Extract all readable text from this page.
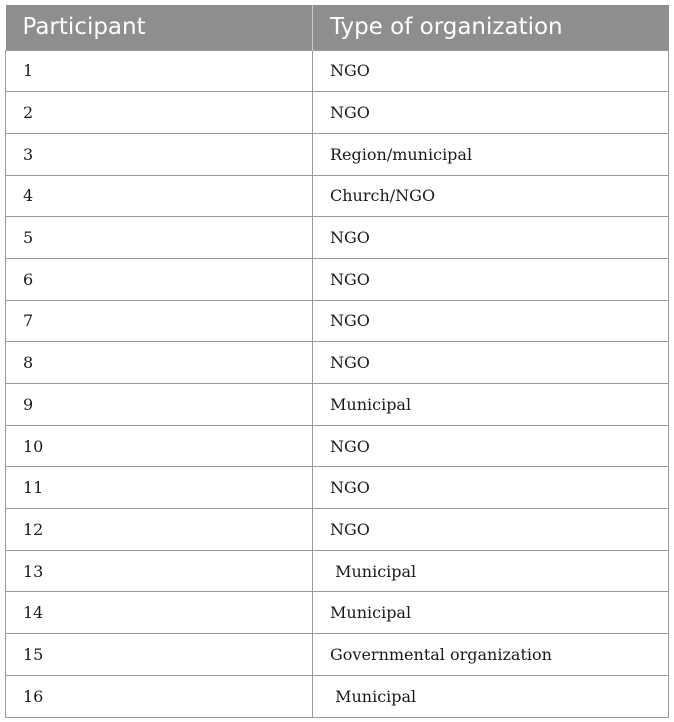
Participant	Type of organization
1	NGO
2	NGO
3	Region/municipal
4	Church/NGO
5	NGO
6	NGO
7	NGO
8	NGO
9	Municipal
10	NGO
11	NGO
12	NGO
13	Municipal
14	Municipal
15	Governmental organization
16	Municipal
